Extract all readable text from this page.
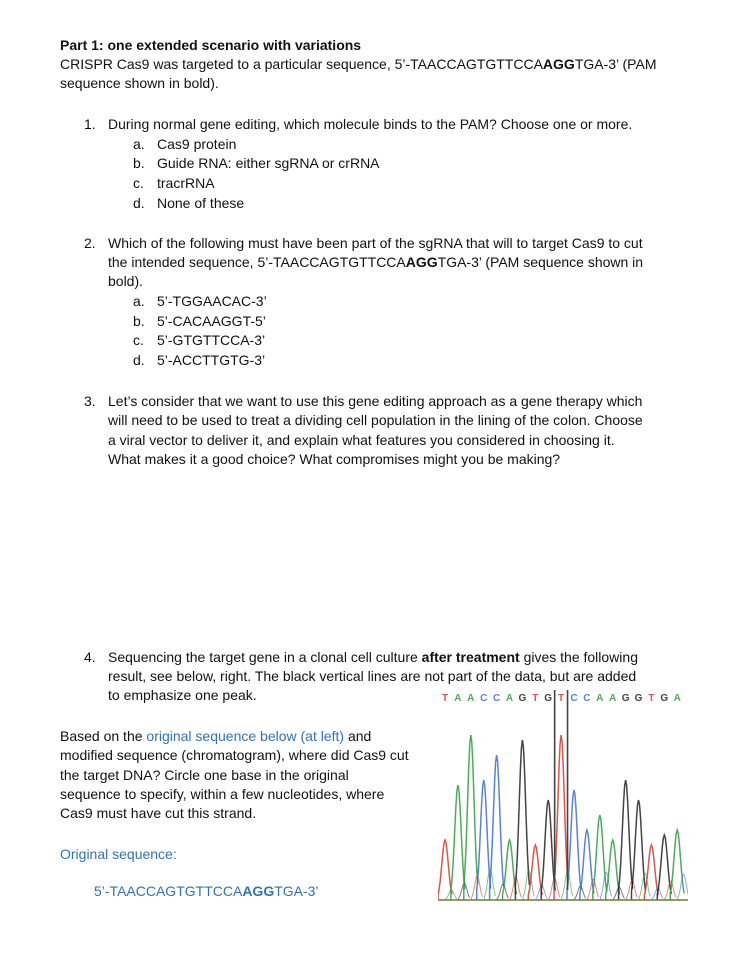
Part 1: one extended scenario with variations
CRISPR Cas9 was targeted to a particular sequence, 5’-TAACCAGTGTTCCAAGGTGA-3’ (PAM
sequence shown in bold).
1. During normal gene editing, which molecule binds to the PAM? Choose one or more.
a. Cas9 protein
b. Guide RNA: either sgRNA or crRNA
c. tracrRNA
d. None of these
2. Which of the following must have been part of the sgRNA that will to target Cas9 to cut
the intended sequence, 5’-TAACCAGTGTTCCAAGGTGA-3’ (PAM sequence shown in
bold).
a. 5’-TGGAACAC-3’
b. 5’-CACAAGGT-5’
c. 5’-GTGTTCCA-3’
d. 5’-ACCTTGTG-3’
3. Let’s consider that we want to use this gene editing approach as a gene therapy which
will need to be used to treat a dividing cell population in the lining of the colon. Choose
a viral vector to deliver it, and explain what features you considered in choosing it.
What makes it a good choice? What compromises might you be making?
4. Sequencing the target gene in a clonal cell culture after treatment gives the following
result, see below, right. The black vertical lines are not part of the data, but are added
to emphasize one peak.
Based on the original sequence below (at left) and
modified sequence (chromatogram), where did Cas9 cut
the target DNA? Circle one base in the original
sequence to specify, within a few nucleotides, where
Cas9 must have cut this strand.
Original sequence:
5’-TAACCAGTGTTCCAAGGTGA-3’
T A A C C A G T G T C C A A G G T G A
